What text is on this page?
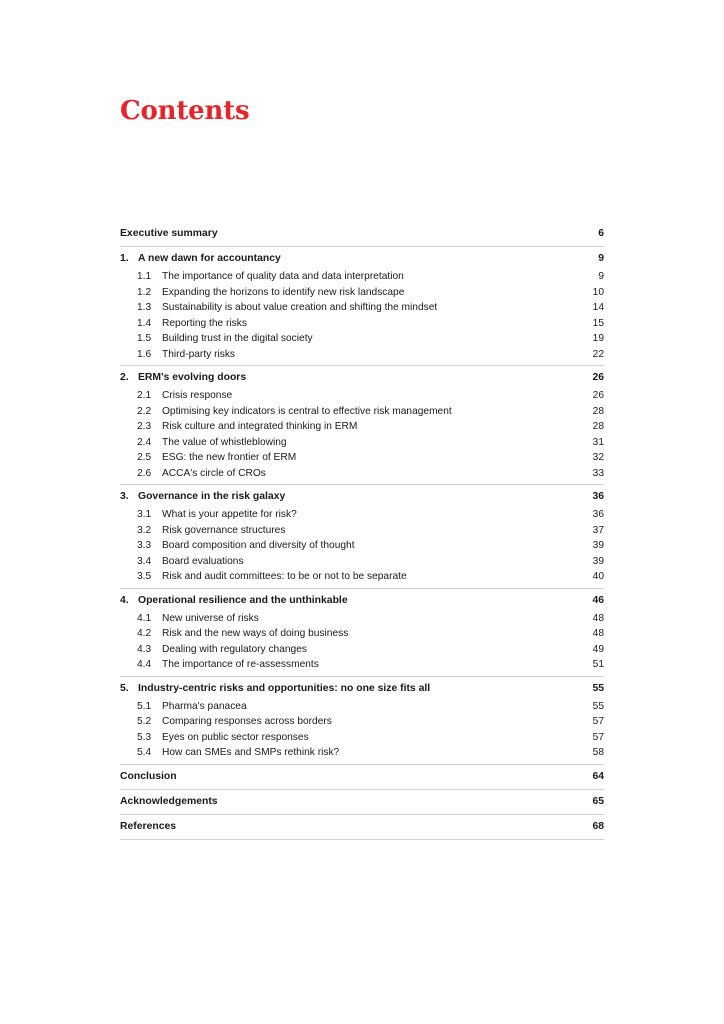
Contents
Executive summary	6
1. A new dawn for accountancy	9
1.1	The importance of quality data and data interpretation	9
1.2	Expanding the horizons to identify new risk landscape	10
1.3	Sustainability is about value creation and shifting the mindset	14
1.4	Reporting the risks	15
1.5	Building trust in the digital society	19
1.6	Third-party risks	22
2. ERM's evolving doors	26
2.1	Crisis response	26
2.2	Optimising key indicators is central to effective risk management	28
2.3	Risk culture and integrated thinking in ERM	28
2.4	The value of whistleblowing	31
2.5	ESG: the new frontier of ERM	32
2.6	ACCA's circle of CROs	33
3. Governance in the risk galaxy	36
3.1	What is your appetite for risk?	36
3.2	Risk governance structures	37
3.3	Board composition and diversity of thought	39
3.4	Board evaluations	39
3.5	Risk and audit committees: to be or not to be separate	40
4. Operational resilience and the unthinkable	46
4.1	New universe of risks	48
4.2	Risk and the new ways of doing business	48
4.3	Dealing with regulatory changes	49
4.4	The importance of re-assessments	51
5. Industry-centric risks and opportunities: no one size fits all	55
5.1	Pharma's panacea	55
5.2	Comparing responses across borders	57
5.3	Eyes on public sector responses	57
5.4	How can SMEs and SMPs rethink risk?	58
Conclusion	64
Acknowledgements	65
References	68
